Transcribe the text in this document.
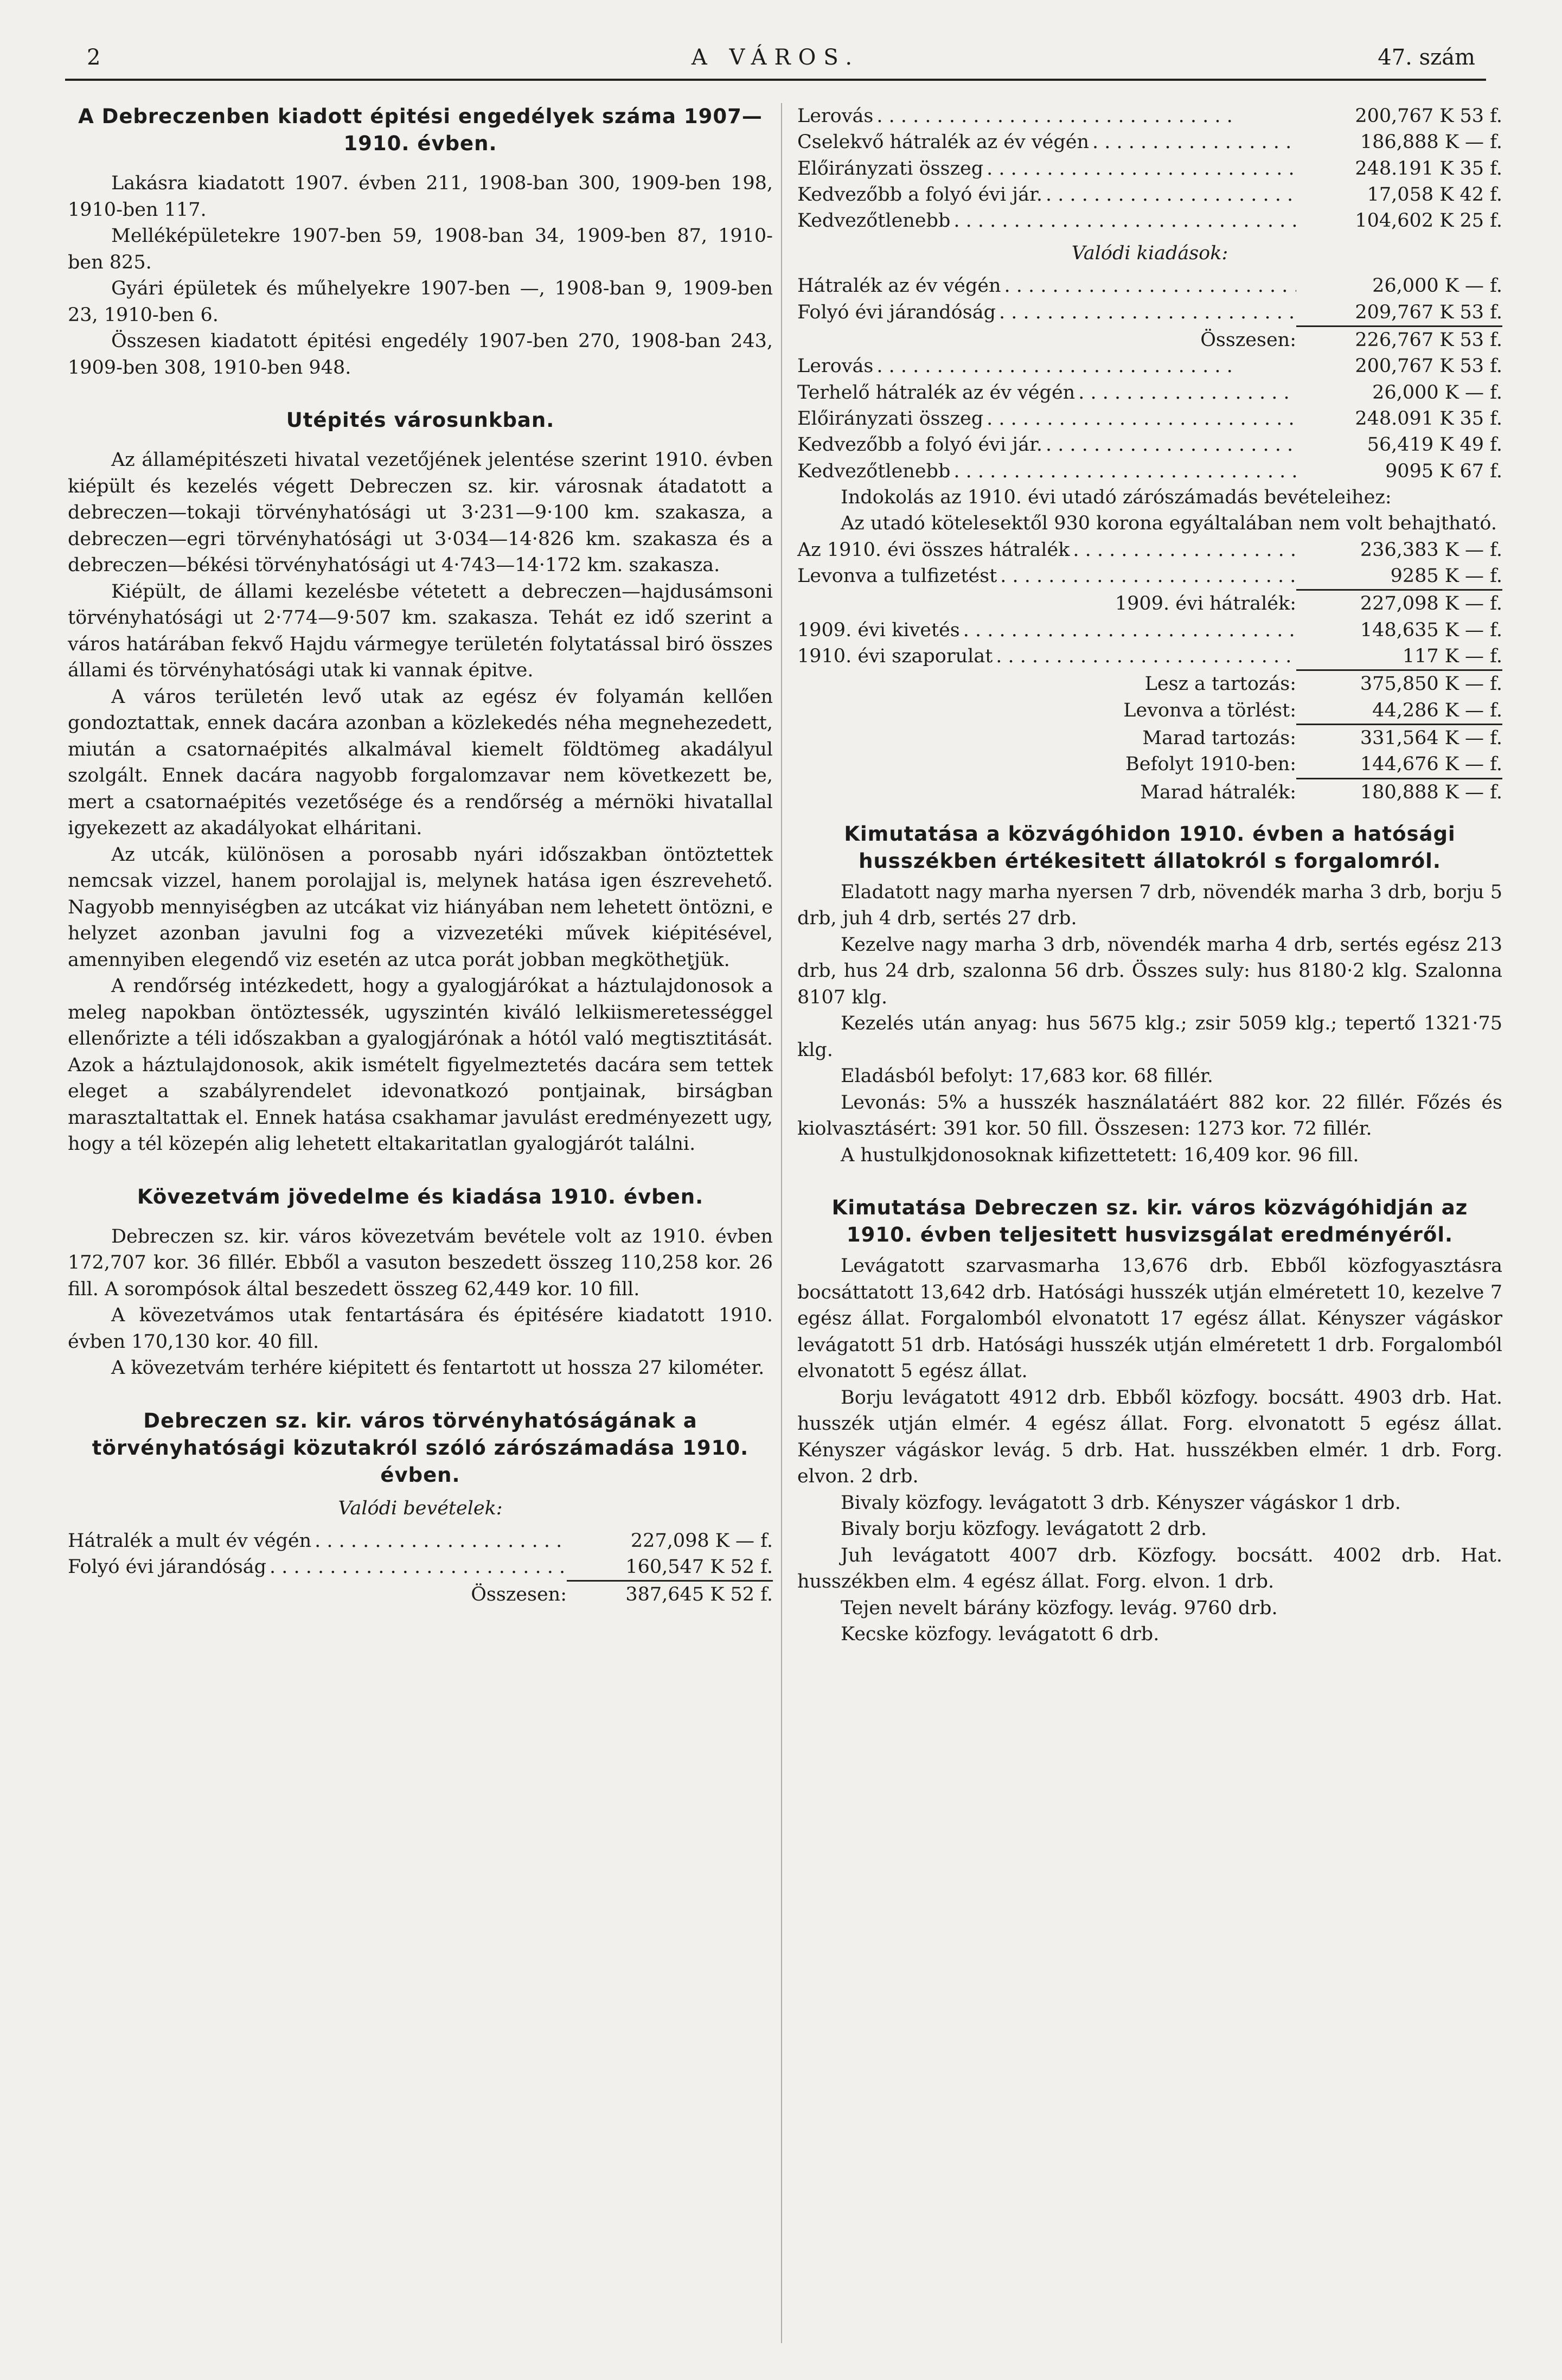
2	A VÁROS.	47. szám
A Debreczenben kiadott épitési engedélyek száma 1907—1910. évben.

Lakásra kiadatott 1907. évben 211, 1908-ban 300, 1909-ben 198, 1910-ben 117.

Melléképületekre 1907-ben 59, 1908-ban 34, 1909-ben 87, 1910-ben 825.

Gyári épületek és műhelyekre 1907-ben —, 1908-ban 9, 1909-ben 23, 1910-ben 6.

Összesen kiadatott épitési engedély 1907-ben 270, 1908-ban 243, 1909-ben 308, 1910-ben 948.

Utépités városunkban.

Az államépitészeti hivatal vezetőjének jelentése szerint 1910. évben kiépült és kezelés végett Debreczen sz. kir. városnak átadatott a debreczen—tokaji törvényhatósági ut 3·231—9·100 km. szakasza, a debreczen—egri törvényhatósági ut 3·034—14·826 km. szakasza és a debreczen—békési törvényhatósági ut 4·743—14·172 km. szakasza.

Kiépült, de állami kezelésbe vétetett a debreczen—hajdusámsoni törvényhatósági ut 2·774—9·507 km. szakasza. Tehát ez idő szerint a város határában fekvő Hajdu vármegye területén folytatással biró összes állami és törvényhatósági utak ki vannak épitve.

A város területén levő utak az egész év folyamán kellően gondoztattak, ennek dacára azonban a közlekedés néha megnehezedett, miután a csatornaépités alkalmával kiemelt földtömeg akadályul szolgált. Ennek dacára nagyobb forgalomzavar nem következett be, mert a csatornaépités vezetősége és a rendőrség a mérnöki hivatallal igyekezett az akadályokat elháritani.

Az utcák, különösen a porosabb nyári időszakban öntöztettek nemcsak vizzel, hanem porolajjal is, melynek hatása igen észrevehető. Nagyobb mennyiségben az utcákat viz hiányában nem lehetett öntözni, e helyzet azonban javulni fog a vizvezetéki művek kiépitésével, amennyiben elegendő viz esetén az utca porát jobban megkötheţjük.

A rendőrség intézkedett, hogy a gyalogjárókat a háztulajdonosok a meleg napokban öntöztessék, ugyszintén kiváló lelkiismeretességgel ellenőrizte a téli időszakban a gyalogjárónak a hótól való megtisztitását. Azok a háztulajdonosok, akik ismételt figyelmeztetés dacára sem tettek eleget a szabályrendelet idevonatkozó pontjainak, birságban marasztaltattak el. Ennek hatása csakhamar javulást eredményezett ugy, hogy a tél közepén alig lehetett eltakaritatlan gyalogjárót találni.

Kövezetvám jövedelme és kiadása 1910. évben.

Debreczen sz. kir. város kövezetvám bevétele volt az 1910. évben 172,707 kor. 36 fillér. Ebből a vasuton beszedett összeg 110,258 kor. 26 fill. A sorompósok által beszedett összeg 62,449 kor. 10 fill.

A kövezetvámos utak fentartására és épitésére kiadatott 1910. évben 170,130 kor. 40 fill.

A kövezetvám terhére kiépitett és fentartott ut hossza 27 kilométer.

Debreczen sz. kir. város törvényhatóságának a törvényhatósági közutakról szóló zárószámadása 1910. évben.
Valódi bevételek:
Hátralék a mult év végén . .	227,098 K — f.
Folyó évi járandóság . .	160,547 K 52 f.
Összesen:	387,645 K 52 f.
Lerovás . .	200,767 K 53 f.
Cselekvő hátralék az év végén . .	186,888 K — f.
Előirányzati összeg . .	248.191 K 35 f.
Kedvezőbb a folyó évi jár. . .	17,058 K 42 f.
Kedvezőtlenebb . .	104,602 K 25 f.
Valódi kiadások:
Hátralék az év végén . .	26,000 K — f.
Folyó évi járandóság . .	209,767 K 53 f.
Összesen:	226,767 K 53 f.
Lerovás . .	200,767 K 53 f.
Terhelő hátralék az év végén . .	26,000 K — f.
Előirányzati összeg . .	248.091 K 35 f.
Kedvezőbb a folyó évi jár. . .	56,419 K 49 f.
Kedvezőtlenebb . .	9095 K 67 f.

Indokolás az 1910. évi utadó zárószámadás bevételeihez:

Az utadó kötelesektől 930 korona egyáltalában nem volt behajtható.

Az 1910. évi összes hátralék . .	236,383 K — f.
Levonva a tulfizetést . .	9285 K — f.
1909. évi hátralék:	227,098 K — f.
1909. évi kivetés . .	148,635 K — f.
1910. évi szaporulat . .	117 K — f.
Lesz a tartozás:	375,850 K — f.
Levonva a törlést:	44,286 K — f.
Marad tartozás:	331,564 K — f.
Befolyt 1910-ben:	144,676 K — f.
Marad hátralék:	180,888 K — f.
Kimutatása a közvágóhidon 1910. évben a hatósági husszékben értékesitett állatokról s forgalomról.

Eladatott nagy marha nyersen 7 drb, növendék marha 3 drb, borju 5 drb, juh 4 drb, sertés 27 drb.

Kezelve nagy marha 3 drb, növendék marha 4 drb, sertés egész 213 drb, hus 24 drb, szalonna 56 drb. Összes suly: hus 8180·2 klg. Szalonna 8107 klg.

Kezelés után anyag: hus 5675 klg.; zsir 5059 klg.; tepertő 1321·75 klg.

Eladásból befolyt: 17,683 kor. 68 fillér.

Levonás: 5% a husszék használatáért 882 kor. 22 fillér. Főzés és kiolvasztásért: 391 kor. 50 fill. Összesen: 1273 kor. 72 fillér.

A hustulkjdonosoknak kifizettetett: 16,409 kor. 96 fill.

Kimutatása Debreczen sz. kir. város közvágóhidján az 1910. évben teljesitett husvizsgálat eredményéről.

Levágatott szarvasmarha 13,676 drb. Ebből közfogyasztásra bocsáttatott 13,642 drb. Hatósági husszék utján elméretett 10, kezelve 7 egész állat. Forgalomból elvonatott 17 egész állat. Kényszer vágáskor levágatott 51 drb. Hatósági husszék utján elméretett 1 drb. Forgalomból elvonatott 5 egész állat.

Borju levágatott 4912 drb. Ebből közfogy. bocsátt. 4903 drb. Hat. husszék utján elmér. 4 egész állat. Forg. elvonatott 5 egész állat. Kényszer vágáskor levág. 5 drb. Hat. husszékben elmér. 1 drb. Forg. elvon. 2 drb.

Bivaly közfogy. levágatott 3 drb. Kényszer vágáskor 1 drb.

Bivaly borju közfogy. levágatott 2 drb.

Juh levágatott 4007 drb. Közfogy. bocsátt. 4002 drb. Hat. husszékben elm. 4 egész állat. Forg. elvon. 1 drb.

Tejen nevelt bárány közfogy. levág. 9760 drb.

Kecske közfogy. levágatott 6 drb.
